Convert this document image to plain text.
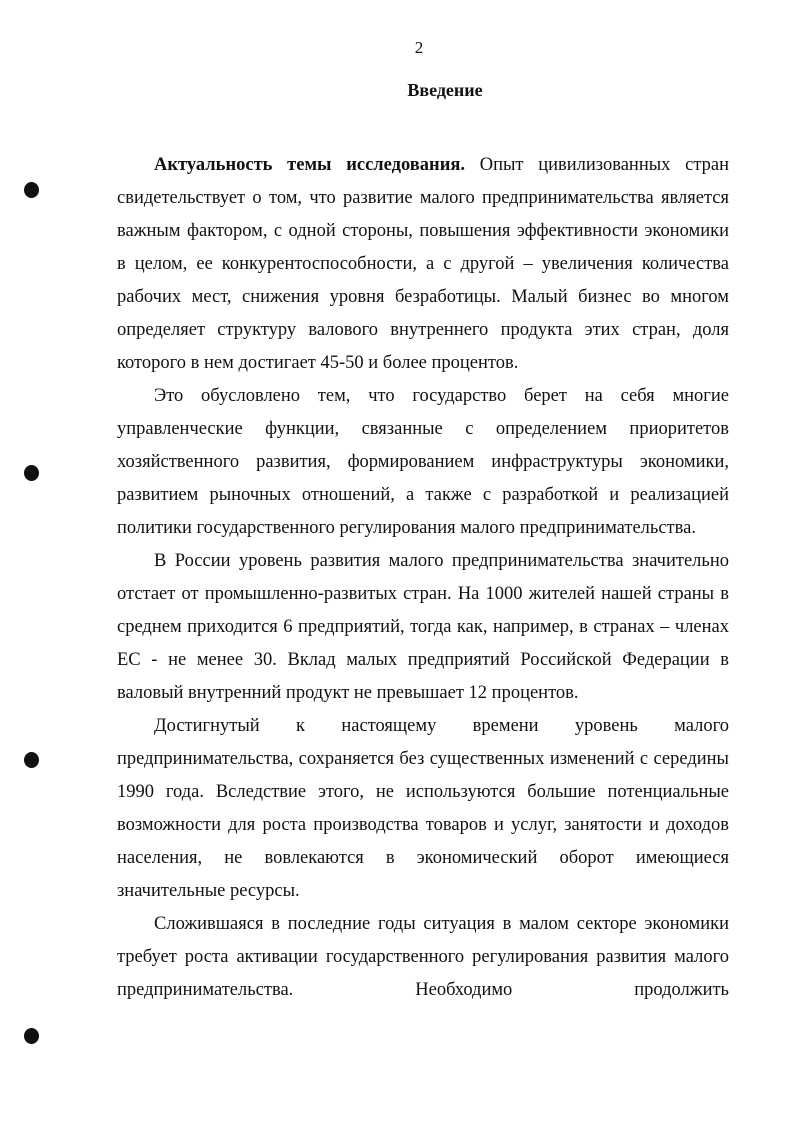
2
Введение

Актуальность темы исследования. Опыт цивилизованных стран свидетельствует о том, что развитие малого предпринимательства является важным фактором, с одной стороны, повышения эффективности экономики в целом, ее конкурентоспособности, а с другой – увеличения количества рабочих мест, снижения уровня безработицы. Малый бизнес во многом определяет структуру валового внутреннего продукта этих стран, доля которого в нем достигает 45-50 и более процентов.

Это обусловлено тем, что государство берет на себя многие управленческие функции, связанные с определением приоритетов хозяйственного развития, формированием инфраструктуры экономики, развитием рыночных отношений, а также с разработкой и реализацией политики государственного регулирования малого предпринимательства.

В России уровень развития малого предпринимательства значительно отстает от промышленно-развитых стран. На 1000 жителей нашей страны в среднем приходится 6 предприятий, тогда как, например, в странах – членах ЕС - не менее 30. Вклад малых предприятий Российской Федерации в валовый внутренний продукт не превышает 12 процентов.

Достигнутый к настоящему времени уровень малого предпринимательства, сохраняется без существенных изменений с середины 1990 года. Вследствие этого, не используются большие потенциальные возможности для роста производства товаров и услуг, занятости и доходов населения, не вовлекаются в экономический оборот имеющиеся значительные ресурсы.

Сложившаяся в последние годы ситуация в малом секторе экономики требует роста активации государственного регулирования развития малого предпринимательства. Необходимо продолжить
